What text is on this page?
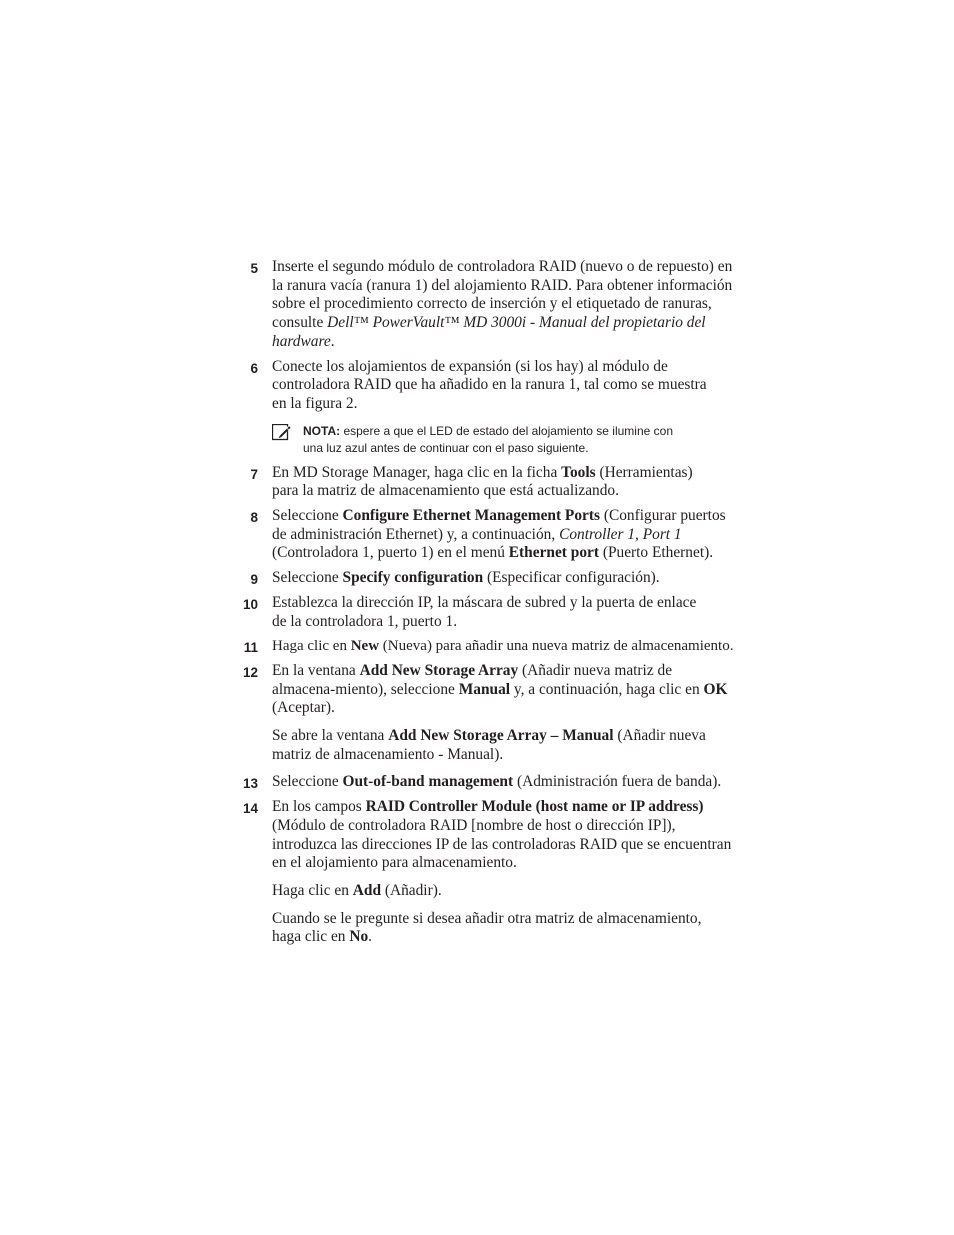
5 Inserte el segundo módulo de controladora RAID (nuevo o de repuesto) en la ranura vacía (ranura 1) del alojamiento RAID. Para obtener información sobre el procedimiento correcto de inserción y el etiquetado de ranuras, consulte Dell™ PowerVault™ MD 3000i - Manual del propietario del hardware.

6 Conecte los alojamientos de expansión (si los hay) al módulo de controladora RAID que ha añadido en la ranura 1, tal como se muestra en la figura 2.

NOTA: espere a que el LED de estado del alojamiento se ilumine con una luz azul antes de continuar con el paso siguiente.
7 En MD Storage Manager, haga clic en la ficha Tools (Herramientas) para la matriz de almacenamiento que está actualizando.

8 Seleccione Configure Ethernet Management Ports (Configurar puertos de administración Ethernet) y, a continuación, Controller 1, Port 1 (Controladora 1, puerto 1) en el menú Ethernet port (Puerto Ethernet).

9 Seleccione Specify configuration (Especificar configuración).

10 Establezca la dirección IP, la máscara de subred y la puerta de enlace de la controladora 1, puerto 1.

11 Haga clic en New (Nueva) para añadir una nueva matriz de almacenamiento.

12 En la ventana Add New Storage Array (Añadir nueva matriz de almacena-miento), seleccione Manual y, a continuación, haga clic en OK (Aceptar).

Se abre la ventana Add New Storage Array – Manual (Añadir nueva matriz de almacenamiento - Manual).

13 Seleccione Out-of-band management (Administración fuera de banda).

14 En los campos RAID Controller Module (host name or IP address) (Módulo de controladora RAID [nombre de host o dirección IP]), introduzca las direcciones IP de las controladoras RAID que se encuentran en el alojamiento para almacenamiento.

Haga clic en Add (Añadir).

Cuando se le pregunte si desea añadir otra matriz de almacenamiento, haga clic en No.
